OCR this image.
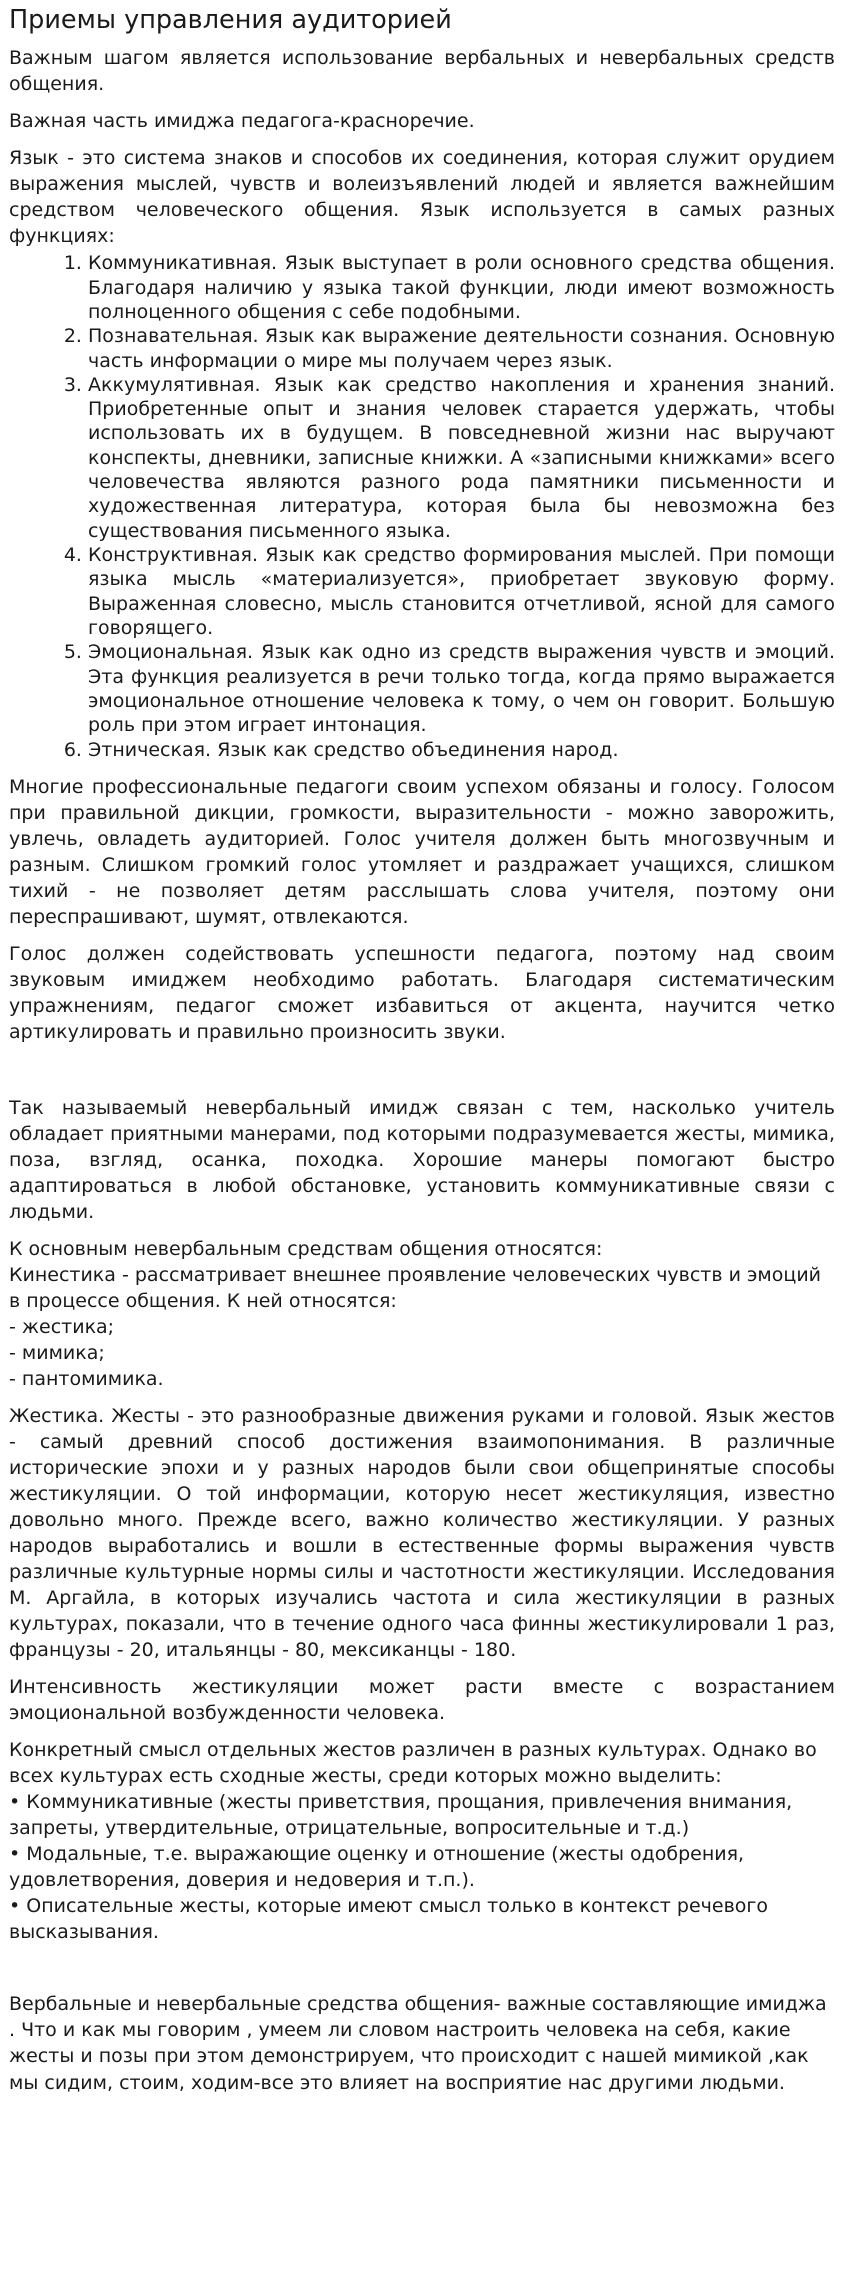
Приемы управления аудиторией

Важным шагом является использование вербальных и невербальных средств общения.

Важная часть имиджа педагога-красноречие.

Язык - это система знаков и способов их соединения, которая служит орудием выражения мыслей, чувств и волеизъявлений людей и является важнейшим средством человеческого общения. Язык используется в самых разных функциях:

1. Коммуникативная. Язык выступает в роли основного средства общения. Благодаря наличию у языка такой функции, люди имеют возможность полноценного общения с себе подобными.
2. Познавательная. Язык как выражение деятельности сознания. Основную часть информации о мире мы получаем через язык.
3. Аккумулятивная. Язык как средство накопления и хранения знаний. Приобретенные опыт и знания человек старается удержать, чтобы использовать их в будущем. В повседневной жизни нас выручают конспекты, дневники, записные книжки. А «записными книжками» всего человечества являются разного рода памятники письменности и художественная литература, которая была бы невозможна без существования письменного языка.
4. Конструктивная. Язык как средство формирования мыслей. При помощи языка мысль «материализуется», приобретает звуковую форму. Выраженная словесно, мысль становится отчетливой, ясной для самого говорящего.
5. Эмоциональная. Язык как одно из средств выражения чувств и эмоций. Эта функция реализуется в речи только тогда, когда прямо выражается эмоциональное отношение человека к тому, о чем он говорит. Большую роль при этом играет интонация.
6. Этническая. Язык как средство объединения народ.

Многие профессиональные педагоги своим успехом обязаны и голосу. Голосом при правильной дикции, громкости, выразительности - можно заворожить, увлечь, овладеть аудиторией. Голос учителя должен быть многозвучным и разным. Слишком громкий голос утомляет и раздражает учащихся, слишком тихий - не позволяет детям расслышать слова учителя, поэтому они переспрашивают, шумят, отвлекаются.

Голос должен содействовать успешности педагога, поэтому над своим звуковым имиджем необходимо работать. Благодаря систематическим упражнениям, педагог сможет избавиться от акцента, научится четко артикулировать и правильно произносить звуки.

Так называемый невербальный имидж связан с тем, насколько учитель обладает приятными манерами, под которыми подразумевается жесты, мимика, поза, взгляд, осанка, походка. Хорошие манеры помогают быстро адаптироваться в любой обстановке, установить коммуникативные связи с людьми.

К основным невербальным средствам общения относятся:
Кинестика - рассматривает внешнее проявление человеческих чувств и эмоций в процессе общения. К ней относятся:
- жестика;
- мимика;
- пантомимика.

Жестика. Жесты - это разнообразные движения руками и головой. Язык жестов - самый древний способ достижения взаимопонимания. В различные исторические эпохи и у разных народов были свои общепринятые способы жестикуляции. О той информации, которую несет жестикуляция, известно довольно много. Прежде всего, важно количество жестикуляции. У разных народов выработались и вошли в естественные формы выражения чувств различные культурные нормы силы и частотности жестикуляции. Исследования М. Аргайла, в которых изучались частота и сила жестикуляции в разных культурах, показали, что в течение одного часа финны жестикулировали 1 раз, французы - 20, итальянцы - 80, мексиканцы - 180.

Интенсивность жестикуляции может расти вместе с возрастанием эмоциональной возбужденности человека.

Конкретный смысл отдельных жестов различен в разных культурах. Однако во всех культурах есть сходные жесты, среди которых можно выделить:
• Коммуникативные (жесты приветствия, прощания, привлечения внимания, запреты, утвердительные, отрицательные, вопросительные и т.д.)
• Модальные, т.е. выражающие оценку и отношение (жесты одобрения, удовлетворения, доверия и недоверия и т.п.).
• Описательные жесты, которые имеют смысл только в контекст речевого высказывания.

Вербальные и невербальные средства общения- важные составляющие имиджа . Что и как мы говорим , умеем ли словом настроить человека на себя, какие жесты и позы при этом демонстрируем, что происходит с нашей мимикой ,как мы сидим, стоим, ходим-все это влияет на восприятие нас другими людьми.
